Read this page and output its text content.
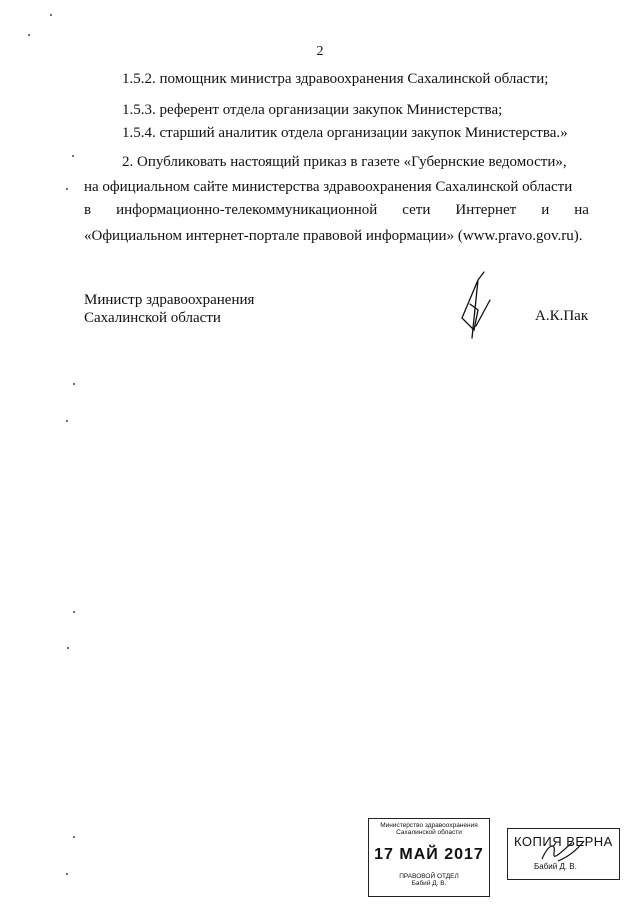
2
1.5.2. помощник министра здравоохранения Сахалинской области;
1.5.3. референт отдела организации закупок Министерства;
1.5.4. старший аналитик отдела организации закупок Министерства.»
2. Опубликовать настоящий приказ в газете «Губернские ведомости»,
на официальном сайте министерства здравоохранения Сахалинской области
в информационно-телекоммуникационной сети Интернет и на
«Официальном интернет-портале правовой информации» (www.pravo.gov.ru).
Министр здравоохранения
Сахалинской области	А.К.Пак
Министерство здравоохранения
Сахалинской области
17 МАЙ 2017
ПРАВОВОЙ ОТДЕЛ
Бабий Д. В.
КОПИЯ ВЕРНА
Бабий Д. В.
